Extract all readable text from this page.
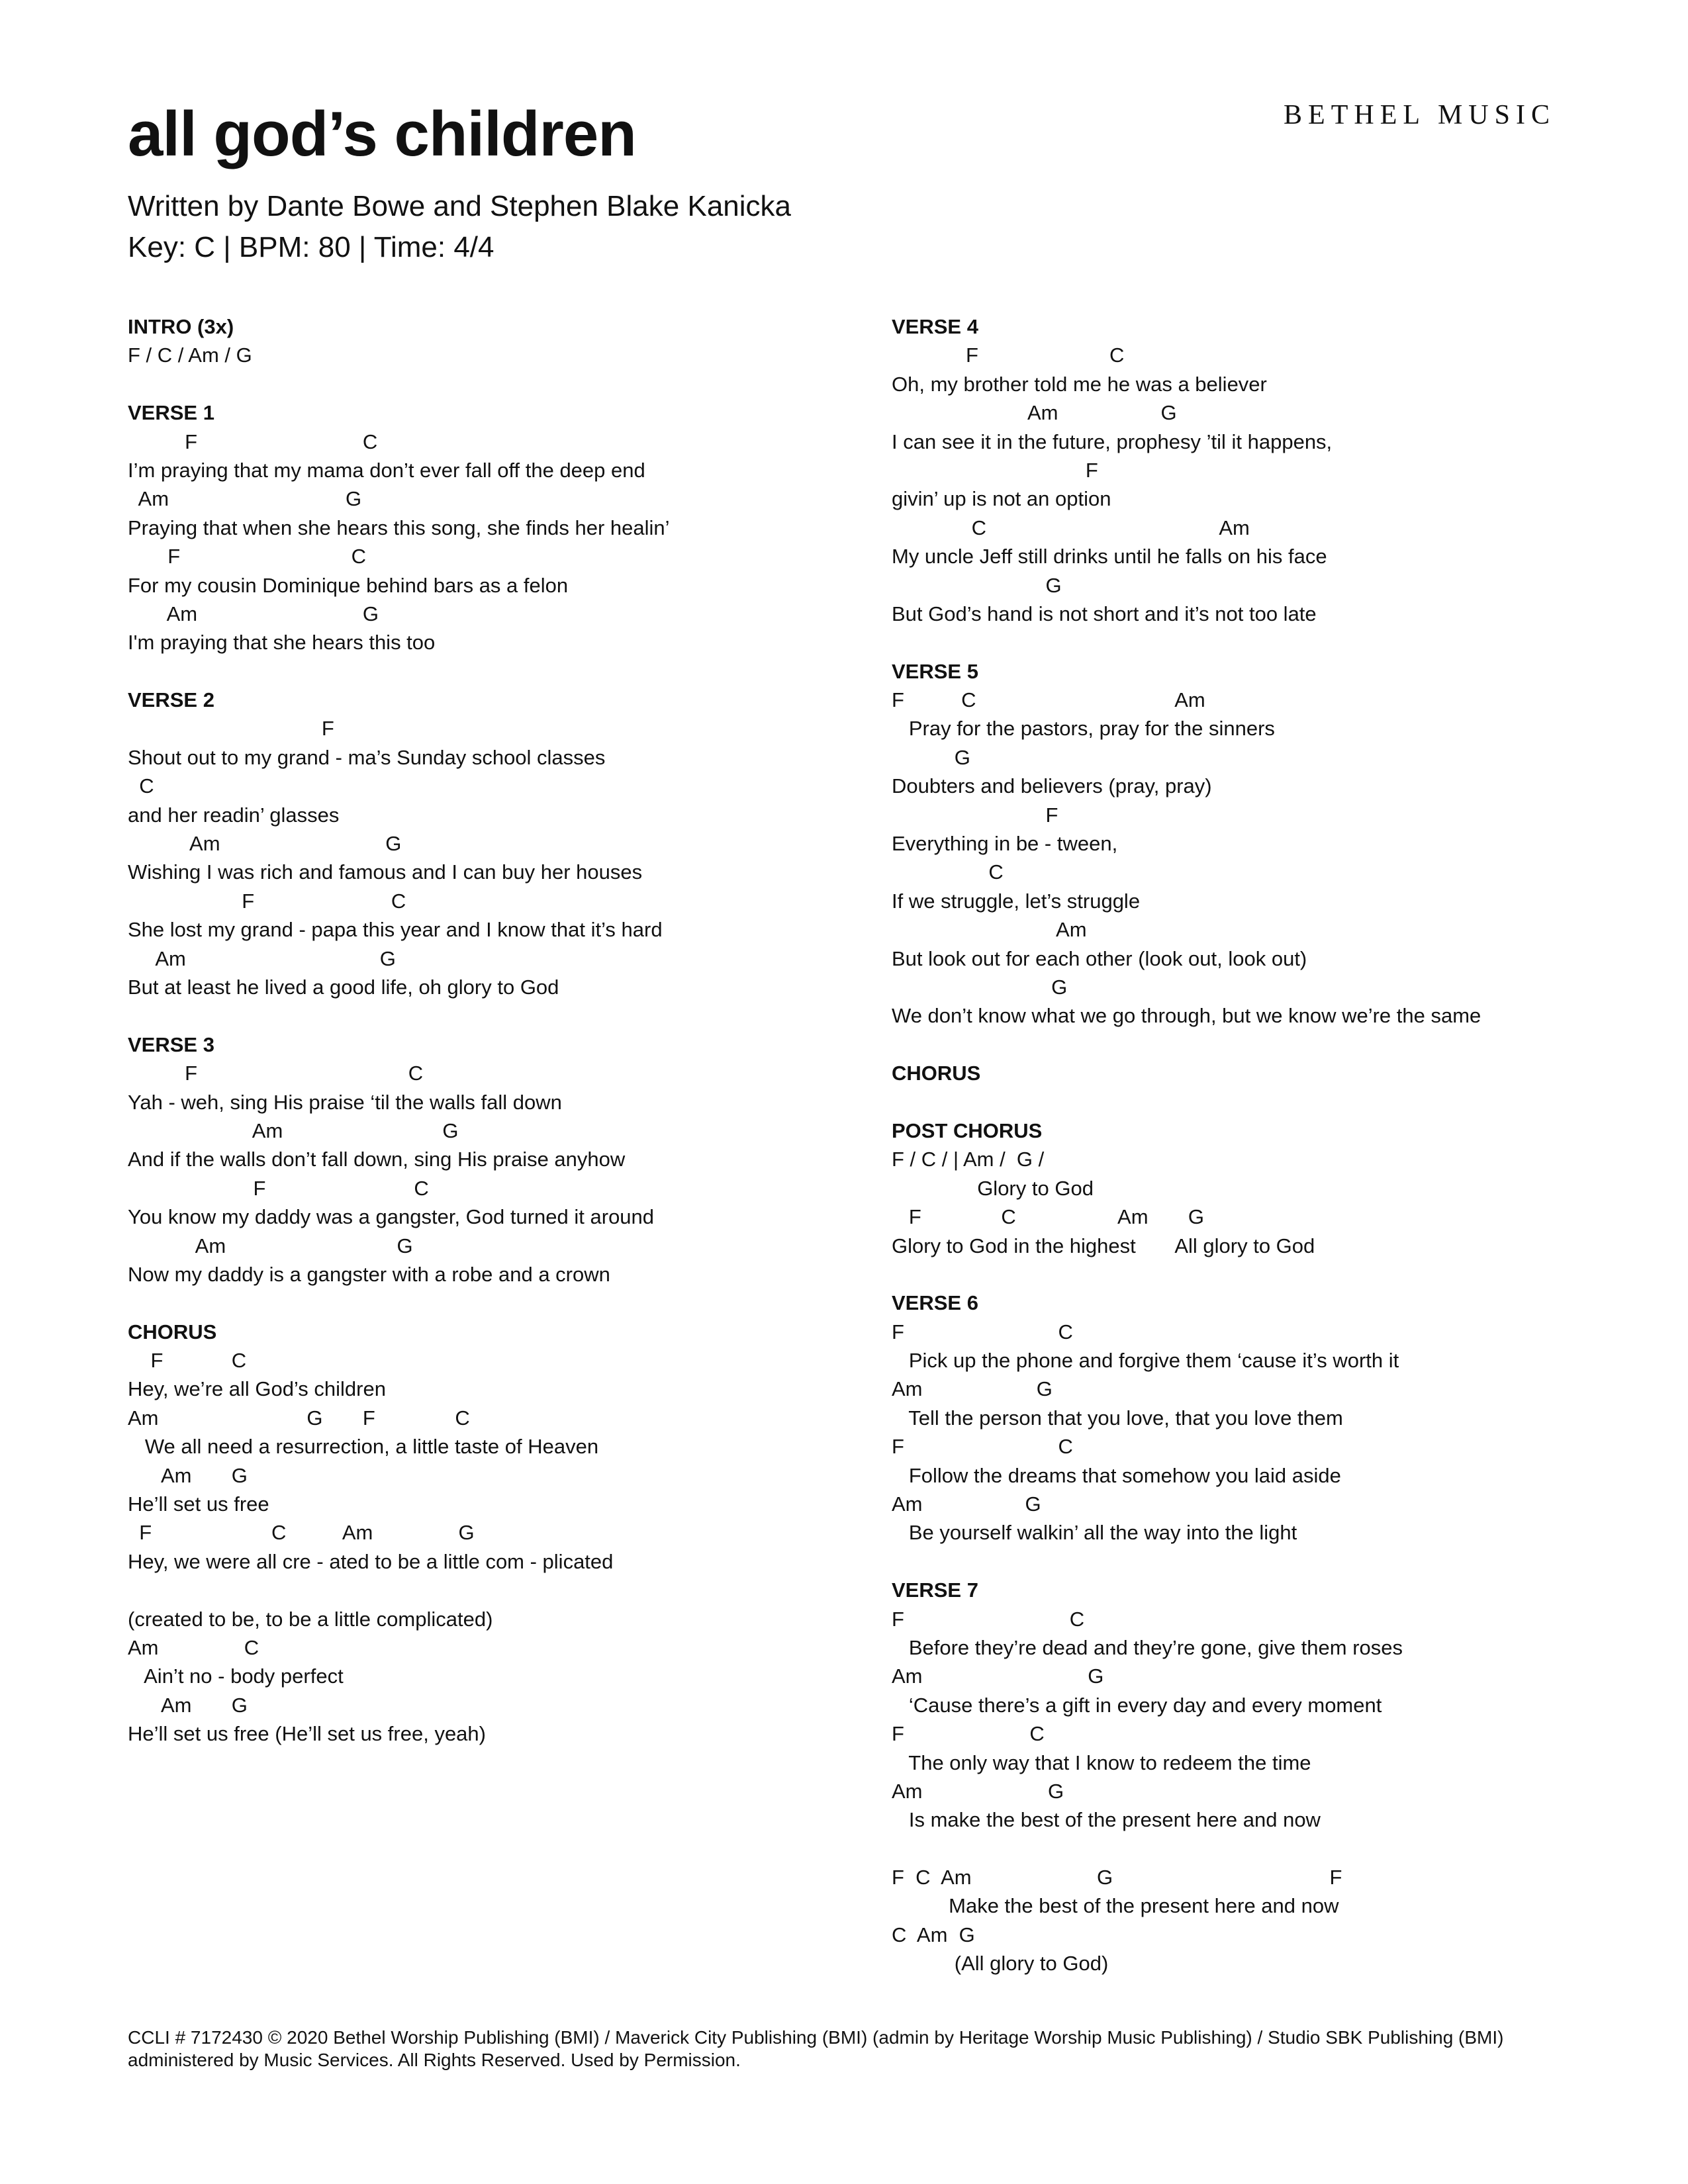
BETHEL MUSIC
all god’s children
Written by Dante Bowe and Stephen Blake Kanicka
Key: C | BPM: 80 | Time: 4/4
INTRO (3x)
F / C / Am / G
VERSE 1
F                             C
I’m praying that my mama don’t ever fall off the deep end
Am                               G
Praying that when she hears this song, she finds her healin’
F                              C
For my cousin Dominique behind bars as a felon
Am                             G
I'm praying that she hears this too
VERSE 2
F
Shout out to my grand - ma’s Sunday school classes
C
and her readin’ glasses
Am                             G
Wishing I was rich and famous and I can buy her houses
F                        C
She lost my grand - papa this year and I know that it’s hard
Am                                  G
But at least he lived a good life, oh glory to God
VERSE 3
F                                     C
Yah - weh, sing His praise ‘til the walls fall down
Am                            G
And if the walls don’t fall down, sing His praise anyhow
F                          C
You know my daddy was a gangster, God turned it around
Am                              G
Now my daddy is a gangster with a robe and a crown
CHORUS
F            C
Hey, we’re all God’s children
Am                          G       F              C
We all need a resurrection, a little taste of Heaven
Am       G
He’ll set us free
F                     C          Am               G
Hey, we were all cre - ated to be a little com - plicated
(created to be, to be a little complicated)
Am               C
Ain’t no - body perfect
Am       G
He’ll set us free (He’ll set us free, yeah)
VERSE 4
F                       C
Oh, my brother told me he was a believer
Am                  G
I can see it in the future, prophesy ’til it happens,
F
givin’ up is not an option
C                                         Am
My uncle Jeff still drinks until he falls on his face
G
But God’s hand is not short and it’s not too late
VERSE 5
F          C                                   Am
Pray for the pastors, pray for the sinners
G
Doubters and believers (pray, pray)
F
Everything in be - tween,
C
If we struggle, let’s struggle
Am
But look out for each other (look out, look out)
G
We don’t know what we go through, but we know we’re the same
CHORUS
POST CHORUS
F / C / | Am /  G /
Glory to God
F              C                  Am       G
Glory to God in the highest       All glory to God
VERSE 6
F                           C
Pick up the phone and forgive them ‘cause it’s worth it
Am                    G
Tell the person that you love, that you love them
F                           C
Follow the dreams that somehow you laid aside
Am                  G
Be yourself walkin’ all the way into the light
VERSE 7
F                             C
Before they’re dead and they’re gone, give them roses
Am                             G
‘Cause there’s a gift in every day and every moment
F                      C
The only way that I know to redeem the time
Am                      G
Is make the best of the present here and now
F  C  Am                      G                                      F
Make the best of the present here and now
C  Am  G
(All glory to God)
CCLI # 7172430 © 2020 Bethel Worship Publishing (BMI) / Maverick City Publishing (BMI) (admin by Heritage Worship Music Publishing) / Studio SBK Publishing (BMI)
administered by Music Services. All Rights Reserved. Used by Permission.
